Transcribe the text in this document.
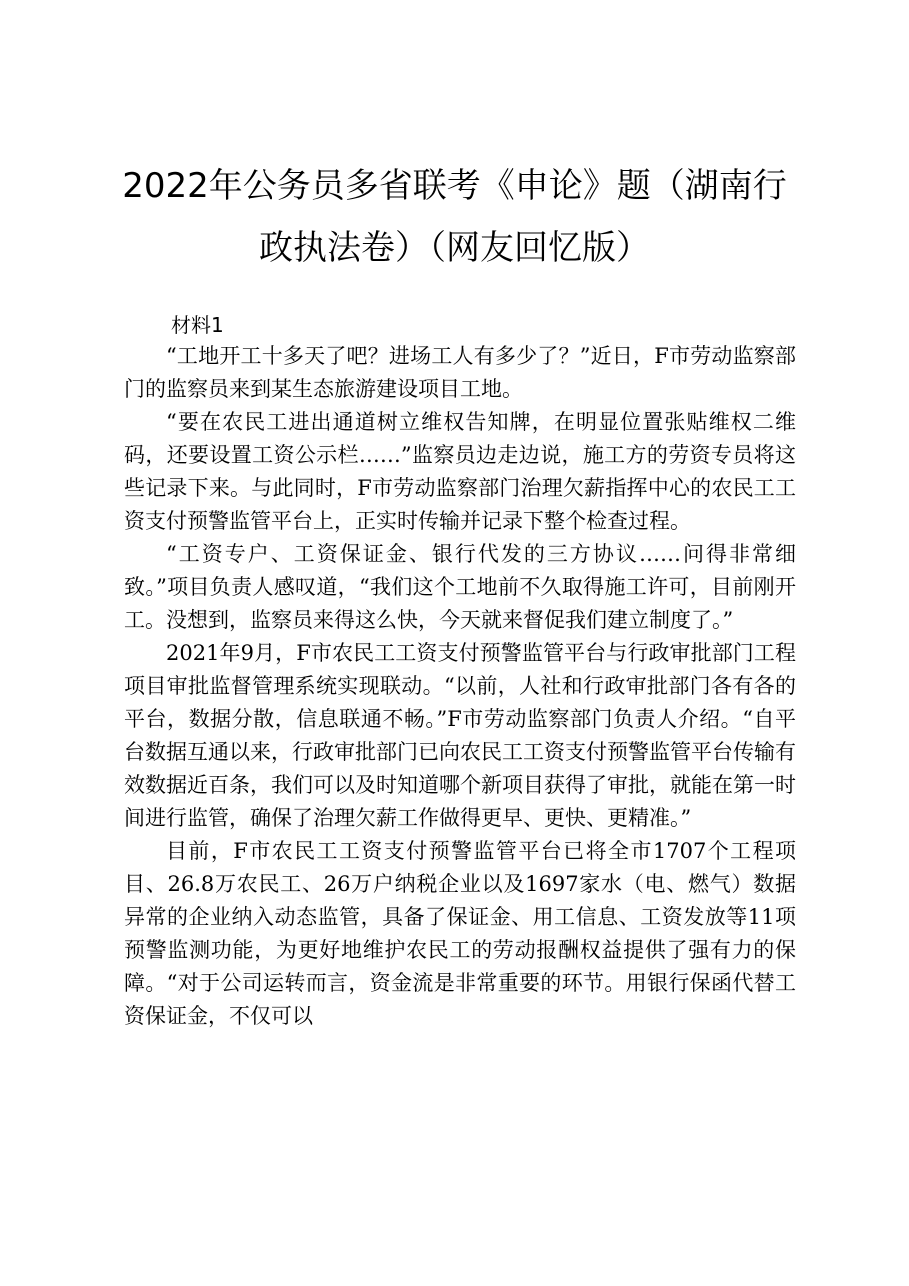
2022年公务员多省联考《申论》题（湖南行
政执法卷）（网友回忆版）
材料1

“工地开工十多天了吧？进场工人有多少了？”近日，F市劳动监察部门的监察员来到某生态旅游建设项目工地。

“要在农民工进出通道树立维权告知牌，在明显位置张贴维权二维码，还要设置工资公示栏……”监察员边走边说，施工方的劳资专员将这些记录下来。与此同时，F市劳动监察部门治理欠薪指挥中心的农民工工资支付预警监管平台上，正实时传输并记录下整个检查过程。

“工资专户、工资保证金、银行代发的三方协议……问得非常细致。”项目负责人感叹道，“我们这个工地前不久取得施工许可，目前刚开工。没想到，监察员来得这么快，今天就来督促我们建立制度了。”

2021年9月，F市农民工工资支付预警监管平台与行政审批部门工程项目审批监督管理系统实现联动。“以前，人社和行政审批部门各有各的平台，数据分散，信息联通不畅。”F市劳动监察部门负责人介绍。“自平台数据互通以来，行政审批部门已向农民工工资支付预警监管平台传输有效数据近百条，我们可以及时知道哪个新项目获得了审批，就能在第一时间进行监管，确保了治理欠薪工作做得更早、更快、更精准。”

目前，F市农民工工资支付预警监管平台已将全市1707个工程项目、26.8万农民工、26万户纳税企业以及1697家水（电、燃气）数据异常的企业纳入动态监管，具备了保证金、用工信息、工资发放等11项预警监测功能，为更好地维护农民工的劳动报酬权益提供了强有力的保障。“对于公司运转而言，资金流是非常重要的环节。用银行保函代替工资保证金，不仅可以
